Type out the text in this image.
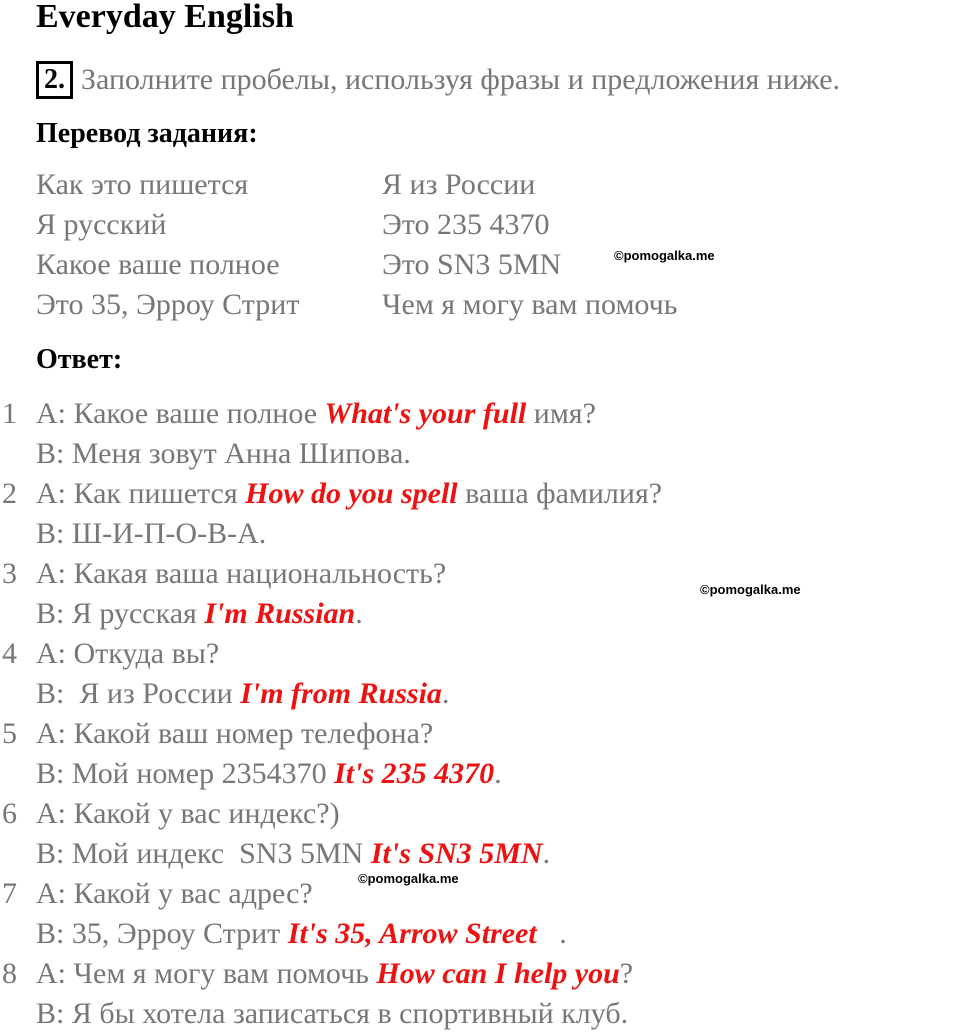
Everyday English
2. Заполните пробелы, используя фразы и предложения ниже.
Перевод задания:
Как это пишется
Я русский
Какое ваше полное
Это 35, Эрроу Стрит
Я из России
Это 235 4370
Это SN3 5MN
Чем я могу вам помочь
©pomogalka.me
Ответ:
1 A: Какое ваше полное What's your full имя?
B: Меня зовут Анна Шипова.
2 A: Как пишется How do you spell ваша фамилия?
B: Ш-И-П-О-В-А.
3 A: Какая ваша национальность?
B: Я русская I'm Russian.
4 A: Откуда вы?
B:  Я из России I'm from Russia.
5 A: Какой ваш номер телефона?
B: Мой номер 2354370 It's 235 4370.
6 A: Какой у вас индекс?)
B: Мой индекс  SN3 5MN It's SN3 5MN.
7 A: Какой у вас адрес?
B: 35, Эрроу Стрит It's 35, Arrow Street   .
8 A: Чем я могу вам помочь How can I help you?
B: Я бы хотела записаться в спортивный клуб.
©pomogalka.me
©pomogalka.me
